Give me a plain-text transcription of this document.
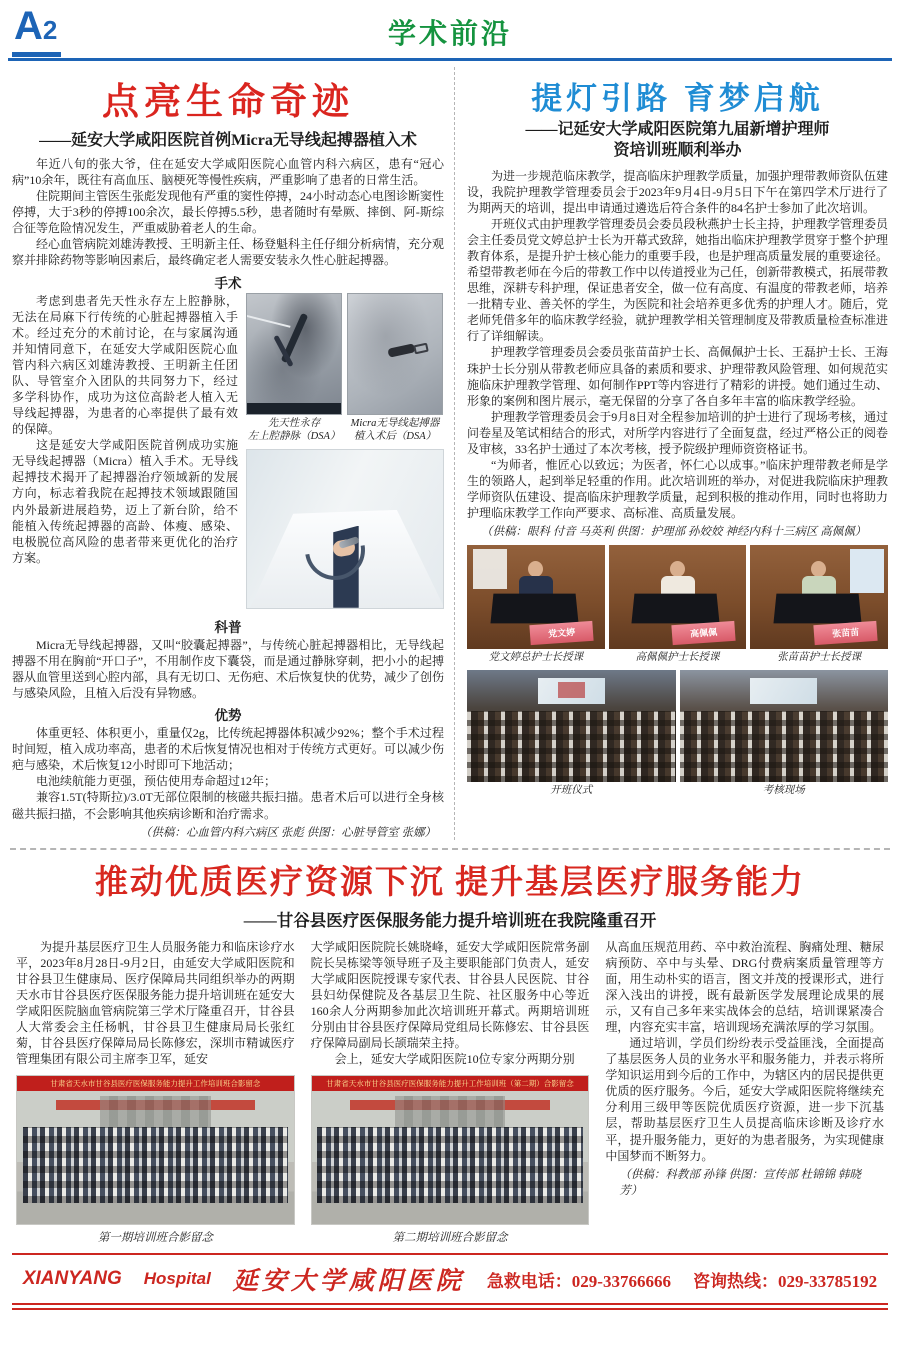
A2	学术前沿
点亮生命奇迹
——延安大学咸阳医院首例Micra无导线起搏器植入术

年近八旬的张大爷，住在延安大学咸阳医院心血管内科六病区，患有“冠心病”10余年，既往有高血压、脑梗死等慢性疾病，严重影响了患者的日常生活。

住院期间主管医生张彪发现他有严重的窦性停搏，24小时动态心电图诊断窦性停搏，大于3秒的停搏100余次，最长停搏5.5秒，患者随时有晕厥、摔倒、阿-斯综合征等危险情况发生，严重威胁着老人的生命。

经心血管病院刘雄涛教授、王明新主任、杨登魁科主任仔细分析病情，充分观察并排除药物等影响因素后，最终确定老人需要安装永久性心脏起搏器。

手术
先天性永存
左上腔静脉（DSA）
Micra无导线起搏器
植入术后（DSA）

考虑到患者先天性永存左上腔静脉，无法在局麻下行传统的心脏起搏器植入手术。经过充分的术前讨论，在与家属沟通并知情同意下，在延安大学咸阳医院心血管内科六病区刘雄涛教授、王明新主任团队、导管室介入团队的共同努力下，经过多学科协作，成功为这位高龄老人植入无导线起搏器，为患者的心率提供了最有效的保障。

这是延安大学咸阳医院首例成功实施无导线起搏器（Micra）植入手术。无导线起搏技术揭开了起搏器治疗领域新的发展方向，标志着我院在起搏技术领域跟随国内外最新进展趋势，迈上了新台阶，给不能植入传统起搏器的高龄、体瘦、感染、电极脱位高风险的患者带来更优化的治疗方案。

科普

Micra无导线起搏器，又叫“胶囊起搏器”，与传统心脏起搏器相比，无导线起搏器不用在胸前“开口子”，不用制作皮下囊袋，而是通过静脉穿刺，把小小的起搏器从血管里送到心腔内部，具有无切口、无伤疤、术后恢复快的优势，减少了创伤与感染风险，且植入后没有异物感。

优势

体重更轻、体积更小，重量仅2g，比传统起搏器体积减少92%；整个手术过程时间短，植入成功率高，患者的术后恢复情况也相对于传统方式更好。可以减少伤疤与感染，术后恢复12小时即可下地活动；

电池续航能力更强，预估使用寿命超过12年；

兼容1.5T(特斯拉)/3.0T无部位限制的核磁共振扫描。患者术后可以进行全身核磁共振扫描，不会影响其他疾病诊断和治疗需求。

（供稿：心血管内科六病区 张彪 供图：心脏导管室 张娜）
提灯引路 育梦启航
——记延安大学咸阳医院第九届新增护理师
资培训班顺利举办

为进一步规范临床教学，提高临床护理教学质量，加强护理带教师资队伍建设，我院护理教学管理委员会于2023年9月4日-9月5日下午在第四学术厅进行了为期两天的培训，提出申请通过遴选后符合条件的84名护士参加了此次培训。

开班仪式由护理教学管理委员会委员段秋燕护士长主持，护理教学管理委员会主任委员党文婷总护士长为开幕式致辞，她指出临床护理教学贯穿于整个护理教育体系，是提升护士核心能力的重要手段，也是护理高质量发展的重要途径。希望带教老师在今后的带教工作中以传道授业为己任，创新带教模式，拓展带教思维，深耕专科护理，保证患者安全，做一位有高度、有温度的带教老师，培养一批精专业、善关怀的学生，为医院和社会培养更多优秀的护理人才。随后，党老师凭借多年的临床教学经验，就护理教学相关管理制度及带教质量检查标准进行了详细解读。

护理教学管理委员会委员张苗苗护士长、高佩佩护士长、王磊护士长、王海珠护士长分别从带教老师应具备的素质和要求、护理带教风险管理、如何规范实施临床护理教学管理、如何制作PPT等内容进行了精彩的讲授。她们通过生动、形象的案例和图片展示，毫无保留的分享了各自多年丰富的临床教学经验。

护理教学管理委员会于9月8日对全程参加培训的护士进行了现场考核，通过问卷星及笔试相结合的形式，对所学内容进行了全面复盘，经过严格公正的阅卷及审核，33名护士通过了本次考核，授予院级护理师资资格证书。

“为师者，惟匠心以致远；为医者，怀仁心以成事。”临床护理带教老师是学生的领路人，起到举足轻重的作用。此次培训班的举办，对促进我院临床护理教学师资队伍建设、提高临床护理教学质量，起到积极的推动作用，同时也将助力护理临床教学工作向严要求、高标准、高质量发展。

（供稿：眼科 付音 马英利 供图：护理部 孙姣姣 神经内科十三病区 高佩佩）
党文婷
党文婷总护士长授课
高佩佩
高佩佩护士长授课
张苗苗
张苗苗护士长授课
开班仪式	考核现场
推动优质医疗资源下沉 提升基层医疗服务能力
——甘谷县医疗医保服务能力提升培训班在我院隆重召开

为提升基层医疗卫生人员服务能力和临床诊疗水平，2023年8月28日-9月2日，由延安大学咸阳医院和甘谷县卫生健康局、医疗保障局共同组织举办的两期天水市甘谷县医疗医保服务能力提升培训班在延安大学咸阳医院脑血管病院第三学术厅隆重召开，甘谷县人大常委会主任杨帆，甘谷县卫生健康局局长张红菊，甘谷县医疗保障局局长陈修宏，深圳市精诚医疗管理集团有限公司主席李卫军，延安

甘肃省天水市甘谷县医疗医保服务能力提升工作培训班合影留念
第一期培训班合影留念

大学咸阳医院院长姚晓峰，延安大学咸阳医院常务副院长吴栋梁等领导班子及主要职能部门负责人，延安大学咸阳医院授课专家代表、甘谷县人民医院、甘谷县妇幼保健院及各基层卫生院、社区服务中心等近160余人分两期参加此次培训班开幕式。两期培训班分别由甘谷县医疗保障局党组局长陈修宏、甘谷县医疗保障局副局长颉瑞荣主持。

会上，延安大学咸阳医院10位专家分两期分别

甘肃省天水市甘谷县医疗医保服务能力提升工作培训班（第二期）合影留念
第二期培训班合影留念

从高血压规范用药、卒中救治流程、胸痛处理、糖尿病预防、卒中与头晕、DRG付费病案质量管理等方面，用生动朴实的语言，图文并茂的授课形式，进行深入浅出的讲授，既有最新医学发展理论成果的展示，又有自己多年来实战体会的总结，培训课紧凑合理，内容充实丰富，培训现场充满浓厚的学习氛围。

通过培训，学员们纷纷表示受益匪浅，全面提高了基层医务人员的业务水平和服务能力，并表示将所学知识运用到今后的工作中，为辖区内的居民提供更优质的医疗服务。今后，延安大学咸阳医院将继续充分利用三级甲等医院优质医疗资源，进一步下沉基层，帮助基层医疗卫生人员提高临床诊断及诊疗水平，提升服务能力，更好的为患者服务，为实现健康中国梦而不断努力。

（供稿：科教部 孙锋 供图：宣传部 杜锦锦 韩晓芳）
XIANYANG Hospital 延安大学咸阳医院 急救电话：029-33766666 咨询热线：029-33785192
